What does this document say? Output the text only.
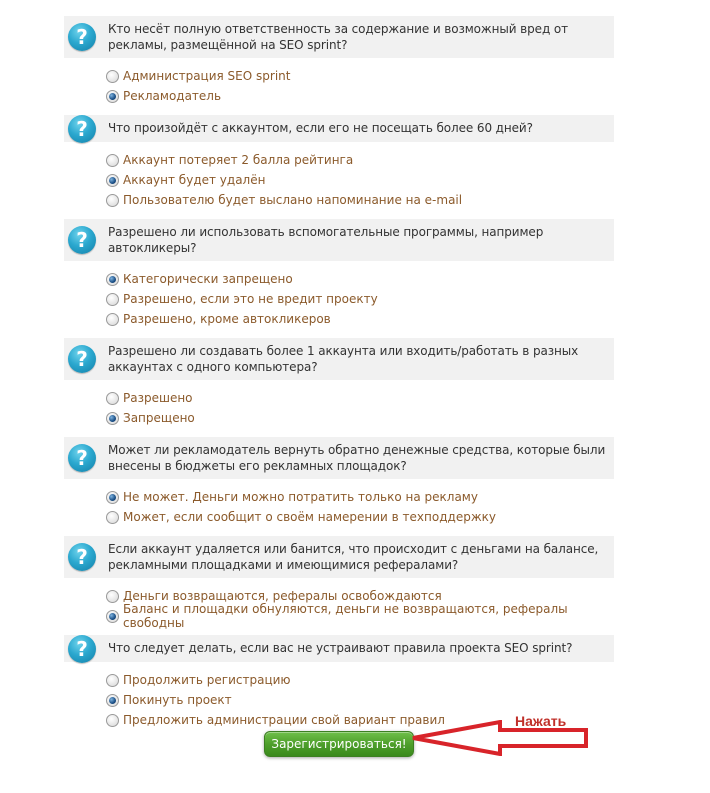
?	Кто несёт полную ответственность за содержание и возможный вред от рекламы, размещённой на SEO sprint?
Администрация SEO sprint
Рекламодатель
?	Что произойдёт с аккаунтом, если его не посещать более 60 дней?
Аккаунт потеряет 2 балла рейтинга
Аккаунт будет удалён
Пользователю будет выслано напоминание на e-mail
?	Разрешено ли использовать вспомогательные программы, например автокликеры?
Категорически запрещено
Разрешено, если это не вредит проекту
Разрешено, кроме автокликеров
?	Разрешено ли создавать более 1 аккаунта или входить/работать в разных аккаунтах с одного компьютера?
Разрешено
Запрещено
?	Может ли рекламодатель вернуть обратно денежные средства, которые были внесены в бюджеты его рекламных площадок?
Не может. Деньги можно потратить только на рекламу
Может, если сообщит о своём намерении в техподдержку
?	Если аккаунт удаляется или банится, что происходит с деньгами на балансе, рекламными площадками и имеющимися рефералами?
Деньги возвращаются, рефералы освобождаются
Баланс и площадки обнуляются, деньги не возвращаются, рефералы свободны
?	Что следует делать, если вас не устраивают правила проекта SEO sprint?
Продолжить регистрацию
Покинуть проект
Предложить администрации свой вариант правил
Зарегистрироваться!
Нажать
